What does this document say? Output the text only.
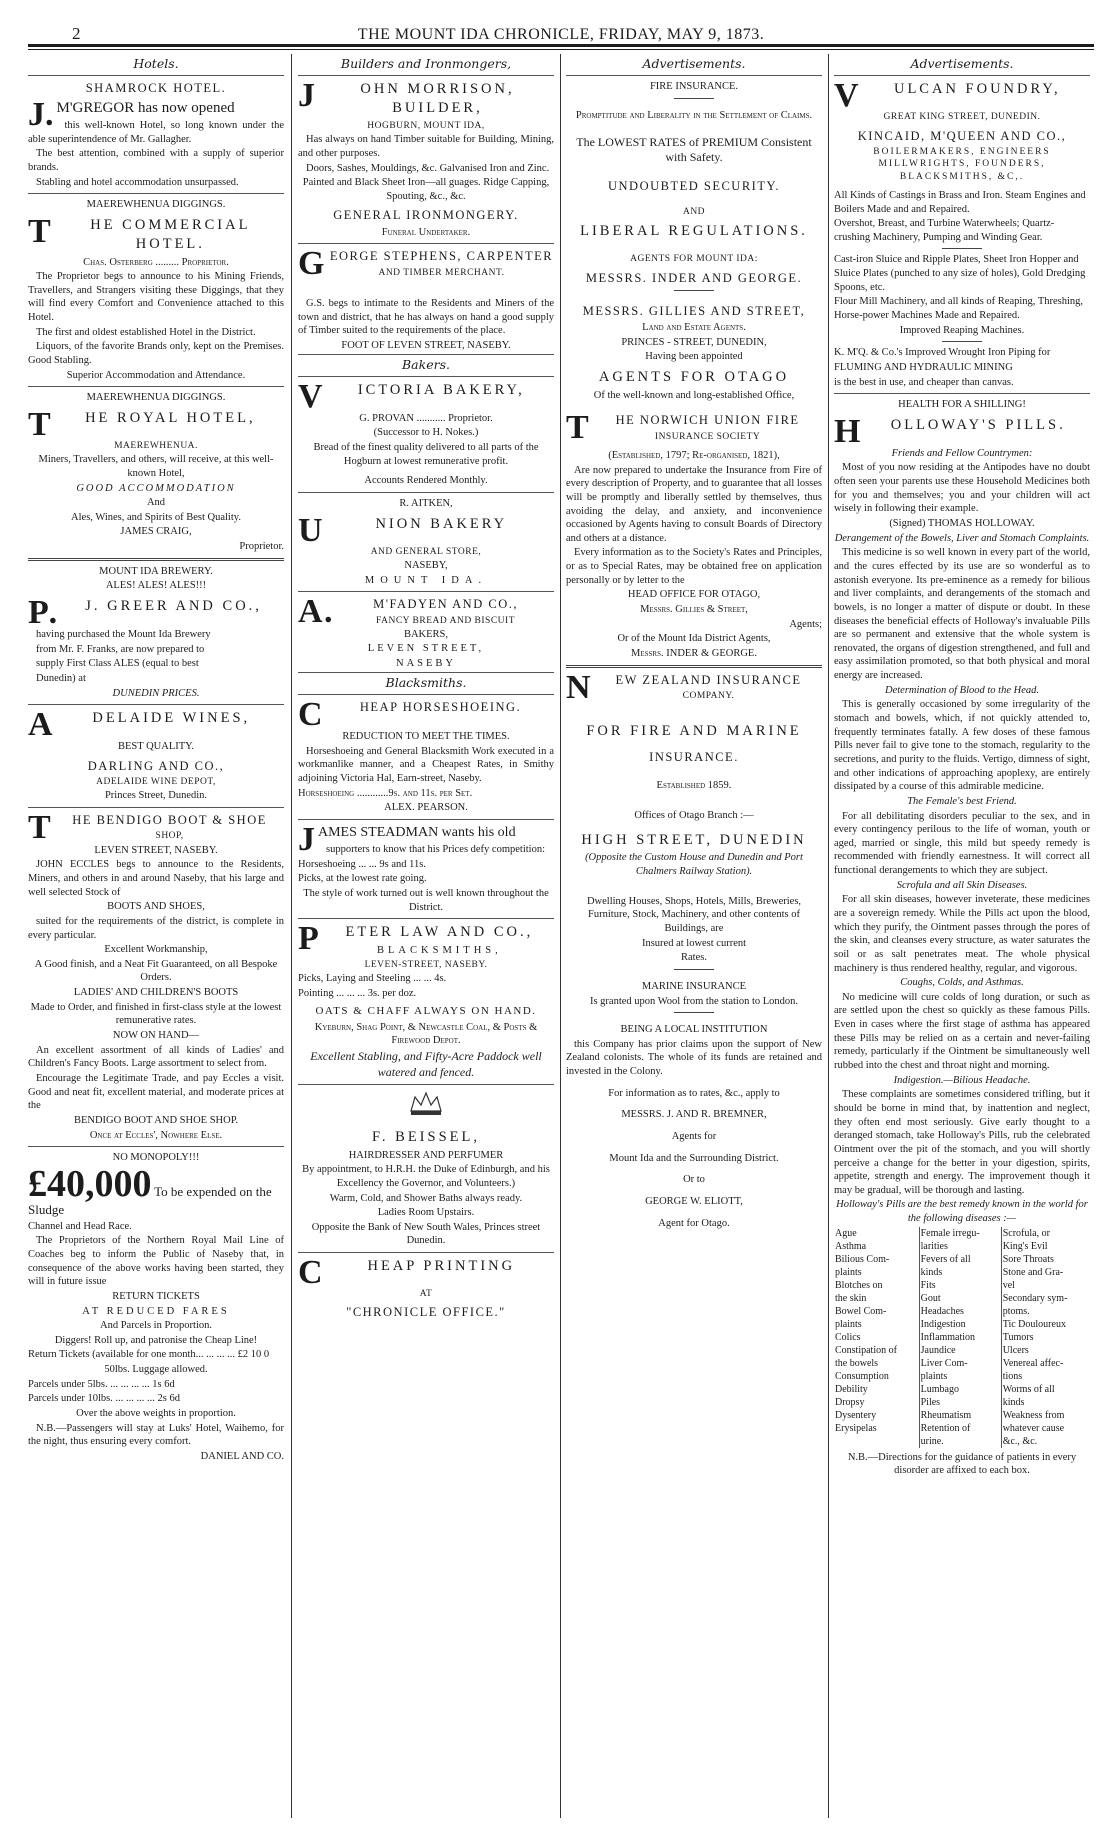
2	THE MOUNT IDA CHRONICLE, FRIDAY, MAY 9, 1873.
Hotels.
SHAMROCK HOTEL.
J. M'GREGOR has now opened
this well-known Hotel, so long known under the able superintendence of Mr. Gallagher.
The best attention, combined with a supply of superior brands.
Stabling and hotel accommodation unsurpassed.
MAEREWHENUA DIGGINGS.
T	HE COMMERCIAL HOTEL.
Chas. Osterberg ......... Proprietor.
The Proprietor begs to announce to his Mining Friends, Travellers, and Strangers visiting these Diggings, that they will find every Comfort and Convenience attached to this Hotel.
The first and oldest established Hotel in the District.
Liquors, of the favorite Brands only, kept on the Premises. Good Stabling.
Superior Accommodation and Attendance.
MAEREWHENUA DIGGINGS.
T HE ROYAL HOTEL,
MAEREWHENUA.
Miners, Travellers, and others, will receive, at this well-known Hotel,
GOOD ACCOMMODATION
And
Ales, Wines, and Spirits of Best Quality.
JAMES CRAIG,
Proprietor.
MOUNT IDA BREWERY.
ALES! ALES! ALES!!!
P. J. GREER AND CO.,
having purchased the Mount Ida Brewery
from Mr. F. Franks, are now prepared to
supply First Class ALES (equal to best
Dunedin) at
DUNEDIN PRICES.
A	DELAIDE WINES,
BEST QUALITY.
DARLING AND CO.,
ADELAIDE WINE DEPOT,
Princes Street, Dunedin.
T HE BENDIGO BOOT & SHOE
SHOP,
LEVEN STREET, NASEBY.
JOHN ECCLES begs to announce to the Residents, Miners, and others in and around Naseby, that his large and well selected Stock of
BOOTS AND SHOES,
suited for the requirements of the district, is complete in every particular.
Excellent Workmanship,
A Good finish, and a Neat Fit Guaranteed, on all Bespoke Orders.
LADIES' AND CHILDREN'S BOOTS
Made to Order, and finished in first-class style at the lowest remunerative rates.
NOW ON HAND—
An excellent assortment of all kinds of Ladies' and Children's Fancy Boots. Large assortment to select from.
Encourage the Legitimate Trade, and pay Eccles a visit. Good and neat fit, excellent material, and moderate prices at the
BENDIGO BOOT AND SHOE SHOP.
Once at Eccles', Nowhere Else.
NO MONOPOLY!!!
£40,000 To be expended on the Sludge
Channel and Head Race.
The Proprietors of the Northern Royal Mail Line of Coaches beg to inform the Public of Naseby that, in consequence of the above works having been started, they will in future issue
RETURN TICKETS
AT REDUCED FARES
And Parcels in Proportion.
Diggers! Roll up, and patronise the Cheap Line!
Return Tickets (available for one month... ... ... ... £2 10 0
50lbs. Luggage allowed.
Parcels under 5lbs. ... ... ... ... 1s 6d
Parcels under 10lbs. ... ... ... ... 2s 6d
Over the above weights in proportion.
N.B.—Passengers will stay at Luks' Hotel, Waihemo, for the night, thus ensuring every comfort.
DANIEL AND CO.
Builders and Ironmongers,
J	OHN MORRISON, BUILDER,
HOGBURN, MOUNT IDA,
Has always on hand Timber suitable for Building, Mining, and other purposes.
Doors, Sashes, Mouldings, &c. Galvanised Iron and Zinc.
Painted and Black Sheet Iron—all guages. Ridge Capping, Spouting, &c., &c.
GENERAL IRONMONGERY.
Funeral Undertaker.
GEORGE STEPHENS, CARPENTER
AND TIMBER MERCHANT.
G.S. begs to intimate to the Residents and Miners of the town and district, that he has always on hand a good supply of Timber suited to the requirements of the place.
FOOT OF LEVEN STREET, NASEBY.
Bakers.
V ICTORIA BAKERY,
G. PROVAN ........... Proprietor.
(Successor to H. Nokes.)
Bread of the finest quality delivered to all parts of the Hogburn at lowest remunerative profit.
Accounts Rendered Monthly.
R. AITKEN,
U	NION BAKERY
AND GENERAL STORE,
NASEBY,
MOUNT IDA.
A.	M'FADYEN AND CO.,
FANCY BREAD AND BISCUIT
BAKERS,
LEVEN STREET,
NASEBY
Blacksmiths.
C	HEAP HORSESHOEING.
REDUCTION TO MEET THE TIMES.
Horseshoeing and General Blacksmith Work executed in a workmanlike manner, and a Cheapest Rates, in Smithy adjoining Victoria Hal, Earn-street, Naseby.
Horseshoeing ............9s. and 11s. per Set.
ALEX. PEARSON.
JAMES STEADMAN wants his old
supporters to know that his Prices defy competition:
Horseshoeing ... ... 9s and 11s.
Picks, at the lowest rate going.
The style of work turned out is well known throughout the District.
P ETER LAW AND CO.,
BLACKSMITHS,
LEVEN-STREET, NASEBY.
Picks, Laying and Steeling ... ... 4s.
Pointing ... ... ... 3s. per doz.
OATS & CHAFF ALWAYS ON HAND.
Kyeburn, Shag Point, & Newcastle Coal, & Posts & Firewood Depot.
Excellent Stabling, and Fifty-Acre Paddock well watered and fenced.
F. BEISSEL,
HAIRDRESSER AND PERFUMER
By appointment, to H.R.H. the Duke of Edinburgh, and his Excellency the Governor, and Volunteers.)
Warm, Cold, and Shower Baths always ready.
Ladies Room Upstairs.
Opposite the Bank of New South Wales, Princes street Dunedin.
C	HEAP PRINTING
AT
"CHRONICLE OFFICE."
Advertisements.
FIRE INSURANCE.
Promptitude and Liberality in the Settlement of Claims.
The LOWEST RATES of PREMIUM Consistent with Safety.
UNDOUBTED SECURITY.
AND
LIBERAL REGULATIONS.
AGENTS FOR MOUNT IDA:
MESSRS. INDER AND GEORGE.
MESSRS. GILLIES AND STREET,
Land and Estate Agents.
PRINCES - STREET, DUNEDIN,
Having been appointed
AGENTS FOR OTAGO
Of the well-known and long-established Office,
T HE NORWICH UNION FIRE
INSURANCE SOCIETY
(Established, 1797; Re-organised, 1821),
Are now prepared to undertake the Insurance from Fire of every description of Property, and to guarantee that all losses will be promptly and liberally settled by themselves, thus avoiding the delay, and anxiety, and inconvenience occasioned by Agents having to consult Boards of Directory and others at a distance.
Every information as to the Society's Rates and Principles, or as to Special Rates, may be obtained free on application personally or by letter to the
HEAD OFFICE FOR OTAGO,
Messrs. Gillies & Street,
Agents;
Or of the Mount Ida District Agents,
Messrs. INDER & GEORGE.
N EW ZEALAND INSURANCE
COMPANY.
FOR FIRE AND MARINE
INSURANCE.
Established 1859.
Offices of Otago Branch :—
HIGH STREET, DUNEDIN
(Opposite the Custom House and Dunedin and Port Chalmers Railway Station).
Dwelling Houses, Shops, Hotels, Mills, Breweries, Furniture, Stock, Machinery, and other contents of Buildings, are
Insured at lowest current
Rates.
MARINE INSURANCE
Is granted upon Wool from the station to London.
BEING A LOCAL INSTITUTION
this Company has prior claims upon the support of New Zealand colonists. The whole of its funds are retained and invested in the Colony.
For information as to rates, &c., apply to
MESSRS. J. AND R. BREMNER,
Agents for
Mount Ida and the Surrounding District.
Or to
GEORGE W. ELIOTT,
Agent for Otago.
Advertisements.
V ULCAN FOUNDRY,
GREAT KING STREET, DUNEDIN.
KINCAID, M'QUEEN AND CO.,
BOILERMAKERS, ENGINEERS MILLWRIGHTS, FOUNDERS, BLACKSMITHS, &C,.
All Kinds of Castings in Brass and Iron. Steam Engines and Boilers Made and and Repaired.
Overshot, Breast, and Turbine Waterwheels; Quartz-crushing Machinery, Pumping and Winding Gear.
Cast-iron Sluice and Ripple Plates, Sheet Iron Hopper and Sluice Plates (punched to any size of holes), Gold Dredging Spoons, etc.
Flour Mill Machinery, and all kinds of Reaping, Threshing, Horse-power Machines Made and Repaired.
Improved Reaping Machines.
K. M'Q. & Co.'s Improved Wrought Iron Piping for
FLUMING AND HYDRAULIC MINING
is the best in use, and cheaper than canvas.
HEALTH FOR A SHILLING!
H OLLOWAY'S PILLS.
Friends and Fellow Countrymen:
Most of you now residing at the Antipodes have no doubt often seen your parents use these Household Medicines both for you and themselves; you and your children will act wisely in following their example.
(Signed) THOMAS HOLLOWAY.
Derangement of the Bowels, Liver and Stomach Complaints.
This medicine is so well known in every part of the world, and the cures effected by its use are so wonderful as to astonish everyone. Its pre-eminence as a remedy for bilious and liver complaints, and derangements of the stomach and bowels, is no longer a matter of dispute or doubt. In these diseases the beneficial effects of Holloway's invaluable Pills are so permanent and extensive that the whole system is renovated, the organs of digestion strengthened, and full and easy assimilation promoted, so that both physical and moral energy are increased.
Determination of Blood to the Head.
This is generally occasioned by some irregularity of the stomach and bowels, which, if not quickly attended to, frequently terminates fatally. A few doses of these famous Pills never fail to give tone to the stomach, regularity to the secretions, and purity to the fluids. Vertigo, dimness of sight, and other indications of approaching apoplexy, are entirely dissipated by a course of this admirable medicine.
The Female's best Friend.
For all debilitating disorders peculiar to the sex, and in every contingency perilous to the life of woman, youth or aged, married or single, this mild but speedy remedy is recommended with friendly earnestness. It will correct all functional derangements to which they are subject.
Scrofula and all Skin Diseases.
For all skin diseases, however inveterate, these medicines are a sovereign remedy. While the Pills act upon the blood, which they purify, the Ointment passes through the pores of the skin, and cleanses every structure, as water saturates the soil or as salt penetrates meat. The whole physical machinery is thus rendered healthy, regular, and vigorous.
Coughs, Colds, and Asthmas.
No medicine will cure colds of long duration, or such as are settled upon the chest so quickly as these famous Pills. Even in cases where the first stage of asthma has appeared these Pills may be relied on as a certain and never-failing remedy, particularly if the Ointment be simultaneously well rubbed into the chest and throat night and morning.
Indigestion.—Bilious Headache.
These complaints are sometimes considered trifling, but it should be borne in mind that, by inattention and neglect, they often end most seriously. Give early thought to a deranged stomach, take Holloway's Pills, rub the celebrated Ointment over the pit of the stomach, and you will shortly perceive a change for the better in your digestion, spirits, appetite, strength and energy. The improvement though it may be gradual, will be thorough and lasting.
Holloway's Pills are the best remedy known in the world for the following diseases :—
Ague	Female irregu-	Scrofula, or
Asthma	larities	King's Evil
Bilious Com-	Fevers of all	Sore Throats
plaints	kinds	Stone and Gra-
Blotches on	Fits	vel
the skin	Gout	Secondary sym-
Bowel Com-	Headaches	ptoms.
plaints	Indigestion	Tic Douloureux
Colics	Inflammation	Tumors
Constipation of	Jaundice	Ulcers
the bowels	Liver Com-	Venereal affec-
Consumption	plaints	tions
Debility	Lumbago	Worms of all
Dropsy	Piles	kinds
Dysentery	Rheumatism	Weakness from
Erysipelas	Retention of	whatever cause
	urine.	&c., &c.
N.B.—Directions for the guidance of patients in every disorder are affixed to each box.
